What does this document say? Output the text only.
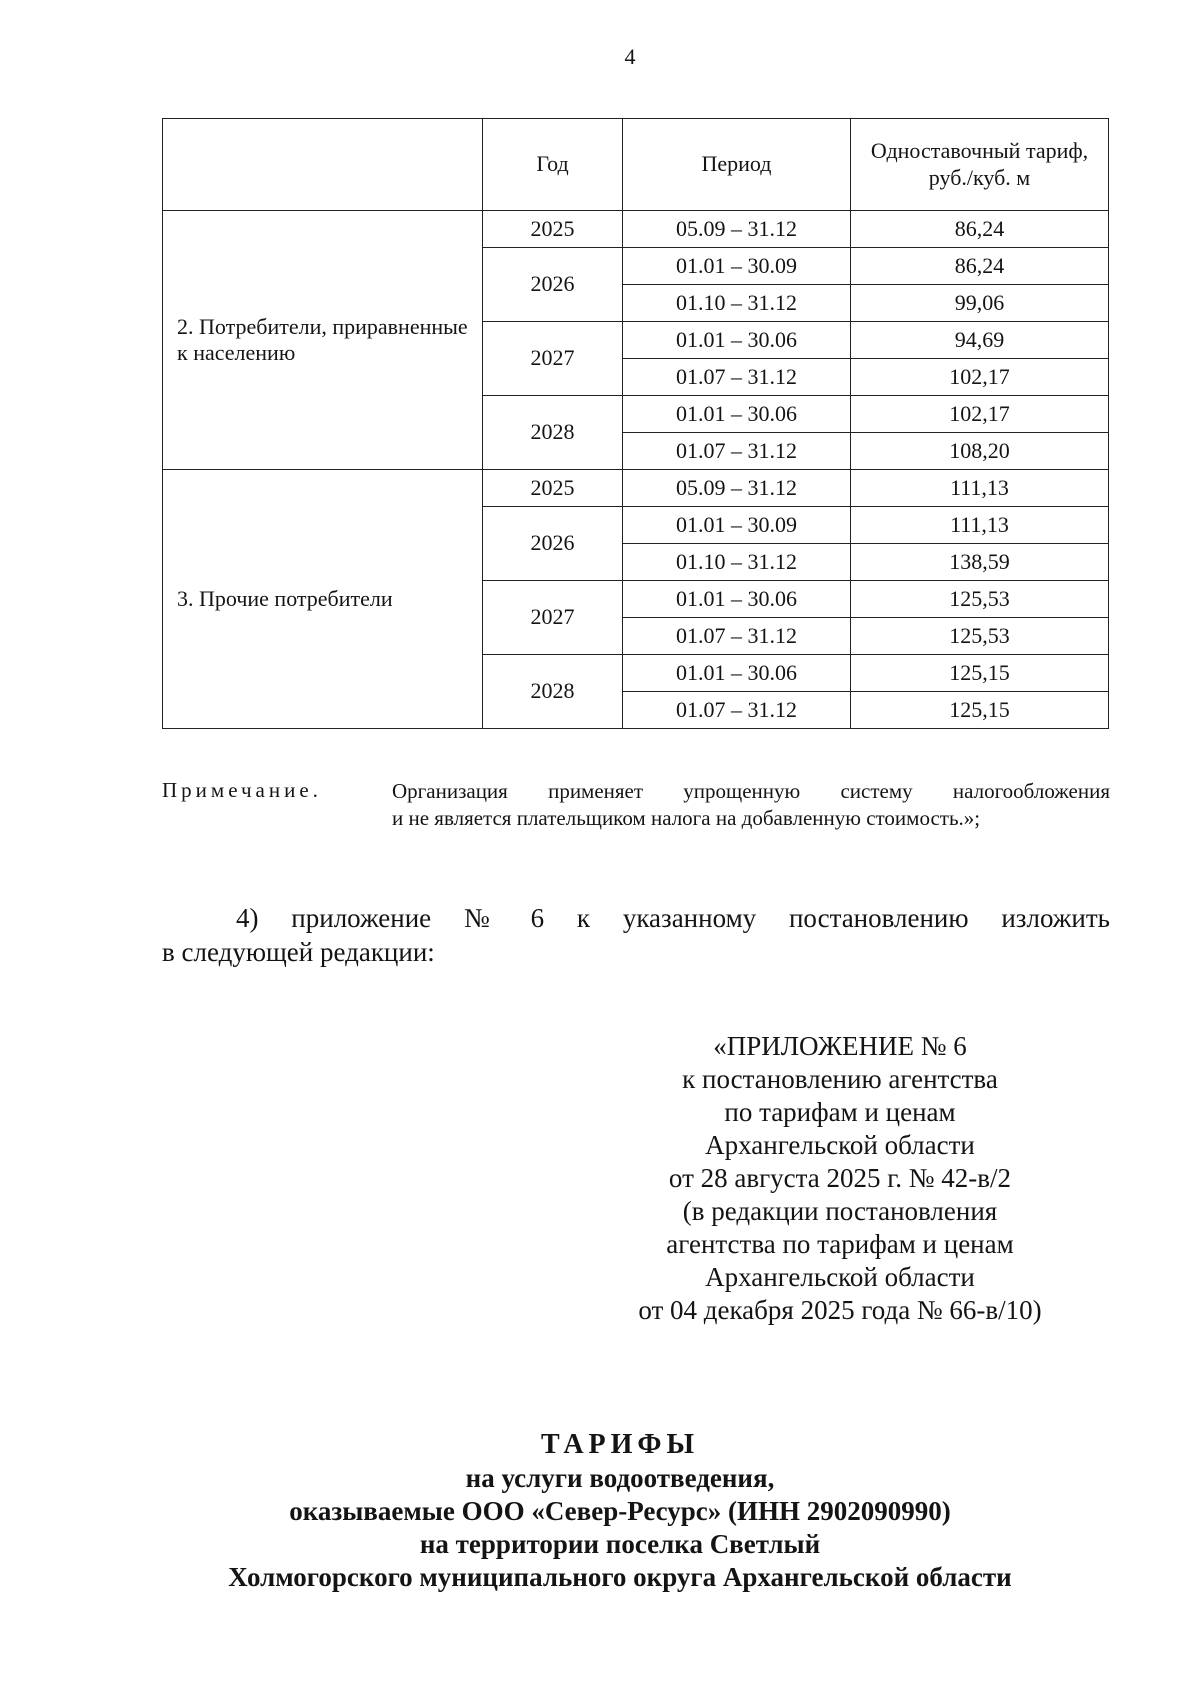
4
	Год	Период	Одноставочный тариф, руб./куб. м
2. Потребители, приравненные к населению	2025	05.09 – 31.12	86,24
	2026	01.01 – 30.09	86,24
		01.10 – 31.12	99,06
	2027	01.01 – 30.06	94,69
		01.07 – 31.12	102,17
	2028	01.01 – 30.06	102,17
		01.07 – 31.12	108,20
3. Прочие потребители	2025	05.09 – 31.12	111,13
	2026	01.01 – 30.09	111,13
		01.10 – 31.12	138,59
	2027	01.01 – 30.06	125,53
		01.07 – 31.12	125,53
	2028	01.01 – 30.06	125,15
		01.07 – 31.12	125,15
Примечание.	Организация применяет упрощенную систему налогообложения
и не является плательщиком налога на добавленную стоимость.»;
4) приложение № 6 к указанному постановлению изложить
в следующей редакции:
«ПРИЛОЖЕНИЕ № 6
к постановлению агентства
по тарифам и ценам
Архангельской области
от 28 августа 2025 г. № 42-в/2
(в редакции постановления
агентства по тарифам и ценам
Архангельской области
от 04 декабря 2025 года № 66-в/10)
ТАРИФЫ
на услуги водоотведения,
оказываемые ООО «Север-Ресурс» (ИНН 2902090990)
на территории поселка Светлый
Холмогорского муниципального округа Архангельской области
